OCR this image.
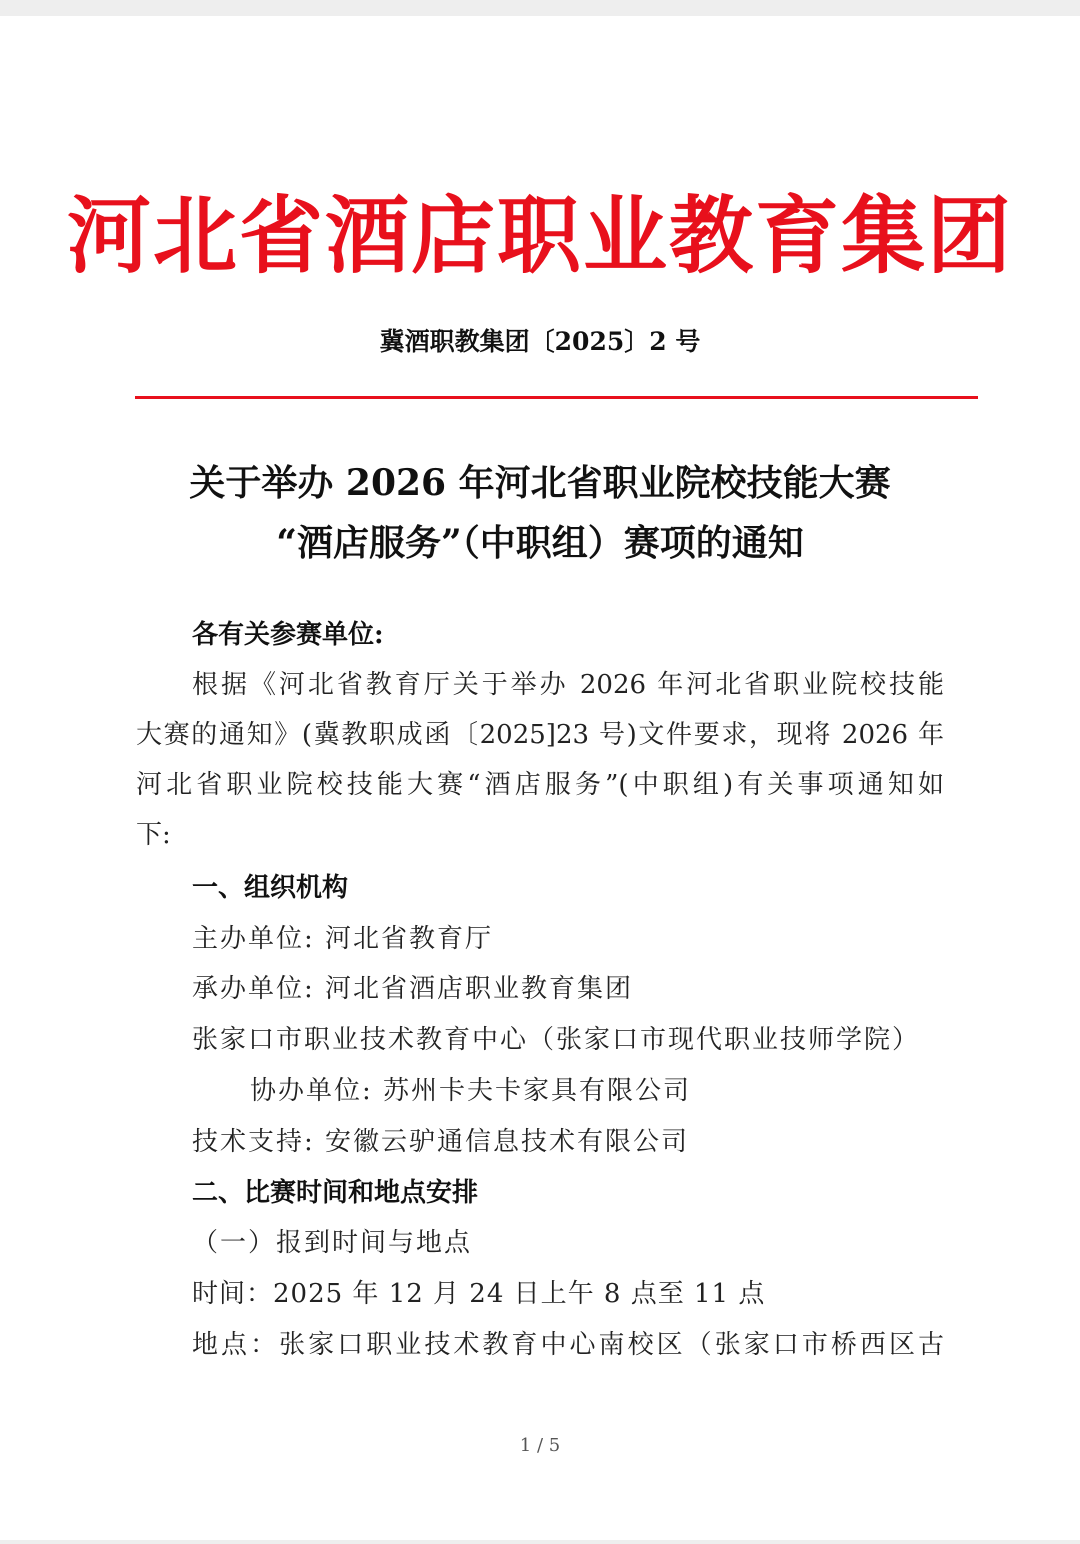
河北省酒店职业教育集团
冀酒职教集团〔2025〕2 号
关于举办 2026 年河北省职业院校技能大赛
“酒店服务”（中职组）赛项的通知
各有关参赛单位:
根据《河北省教育厅关于举办 2026 年河北省职业院校技能
大赛的通知》(冀教职成函〔2025]23 号)文件要求，现将 2026 年
河北省职业院校技能大赛“酒店服务”(中职组)有关事项通知如
下:
一、组织机构
主办单位: 河北省教育厅
承办单位: 河北省酒店职业教育集团
张家口市职业技术教育中心（张家口市现代职业技师学院）
协办单位: 苏州卡夫卡家具有限公司
技术支持: 安徽云驴通信息技术有限公司
二、比赛时间和地点安排
（一）报到时间与地点
时间：2025 年 12 月 24 日上午 8 点至 11 点
地点：张家口职业技术教育中心南校区（张家口市桥西区古
1 / 5
